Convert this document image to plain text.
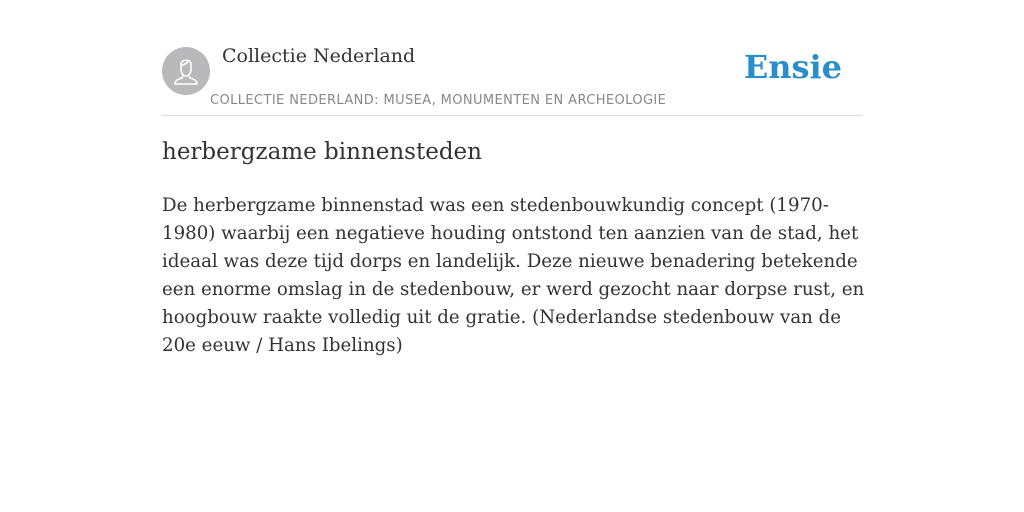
Collectie Nederland
COLLECTIE NEDERLAND: MUSEA, MONUMENTEN EN ARCHEOLOGIE
Ensie
herbergzame binnensteden

De herbergzame binnenstad was een stedenbouwkundig concept (1970-1980) waarbij een negatieve houding ontstond ten aanzien van de stad, het ideaal was deze tijd dorps en landelijk. Deze nieuwe benadering betekende een enorme omslag in de stedenbouw, er werd gezocht naar dorpse rust, en hoogbouw raakte volledig uit de gratie. (Nederlandse stedenbouw van de 20e eeuw / Hans Ibelings)
